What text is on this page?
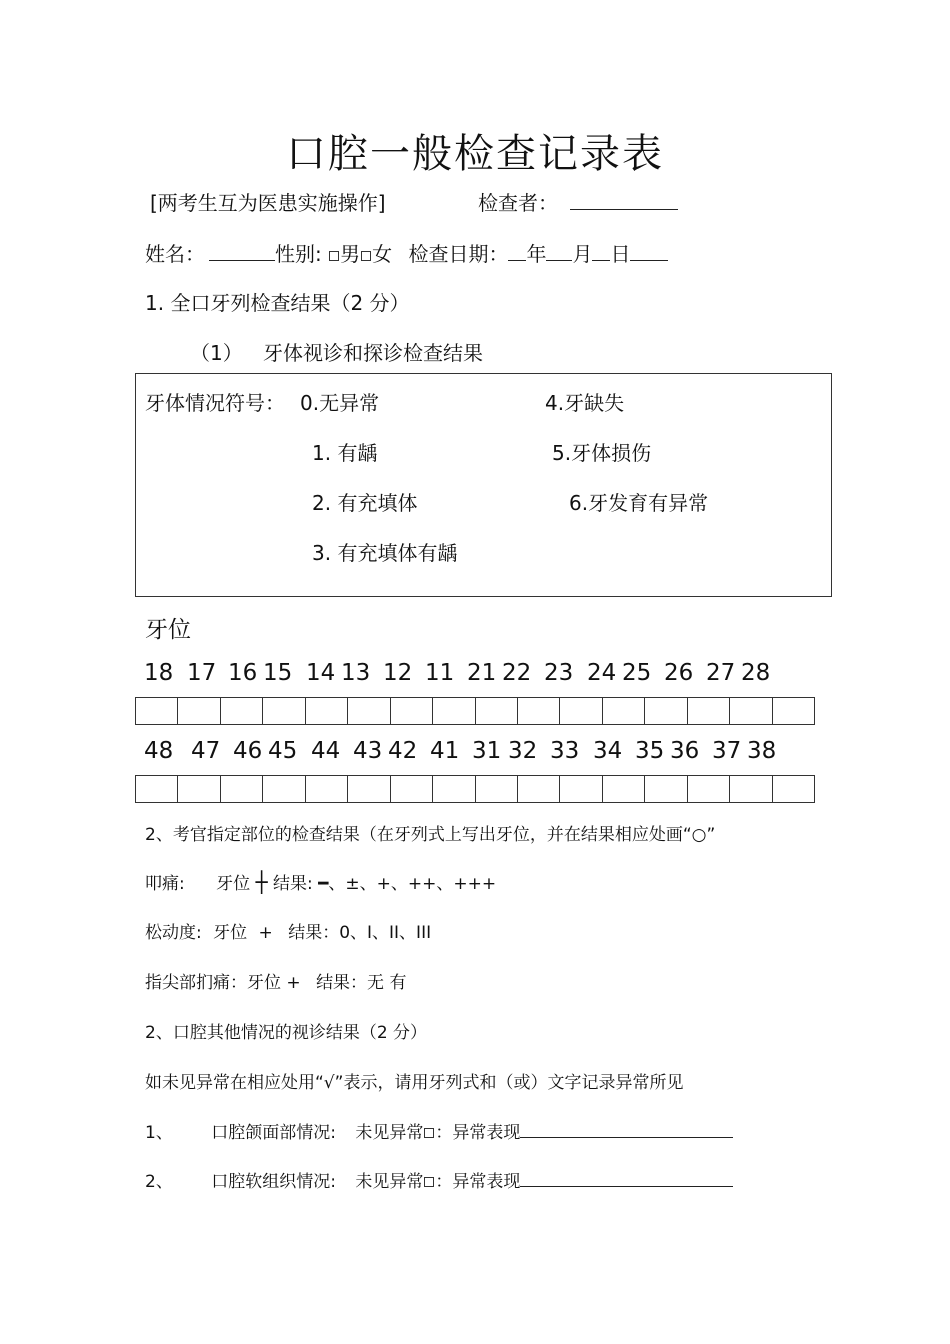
口腔一般检查记录表
[两考生互为医患实施操作]	检查者：
姓名：	性别: 男 女 检查日期： 年 月 日
1. 全口牙列检查结果（2 分）
（1） 牙体视诊和探诊检查结果
牙体情况符号： 0.无异常
1. 有龋
2. 有充填体
3. 有充填体有龋
4.牙缺失
5.牙体损伤
6.牙发育有异常
牙位
18 17 16 15 14 13 12 11 21 22 23 24 25 26 27 28

48 47 46 45 44 43 42 41 31 32 33 34 35 36 37 38

2、考官指定部位的检查结果（在牙列式上写出牙位，并在结果相应处画“○”
叩痛: 牙位 ┼ 结果: ━、±、+、++、+++
松动度: 牙位 + 结果：0、I、II、III
指尖部扪痛：牙位 + 结果：无 有
2、口腔其他情况的视诊结果（2 分）
如未见异常在相应处用“√”表示，请用牙列式和（或）文字记录异常所见
1、 口腔颌面部情况: 未见异常 ：异常表现
2、 口腔软组织情况: 未见异常 ：异常表现
